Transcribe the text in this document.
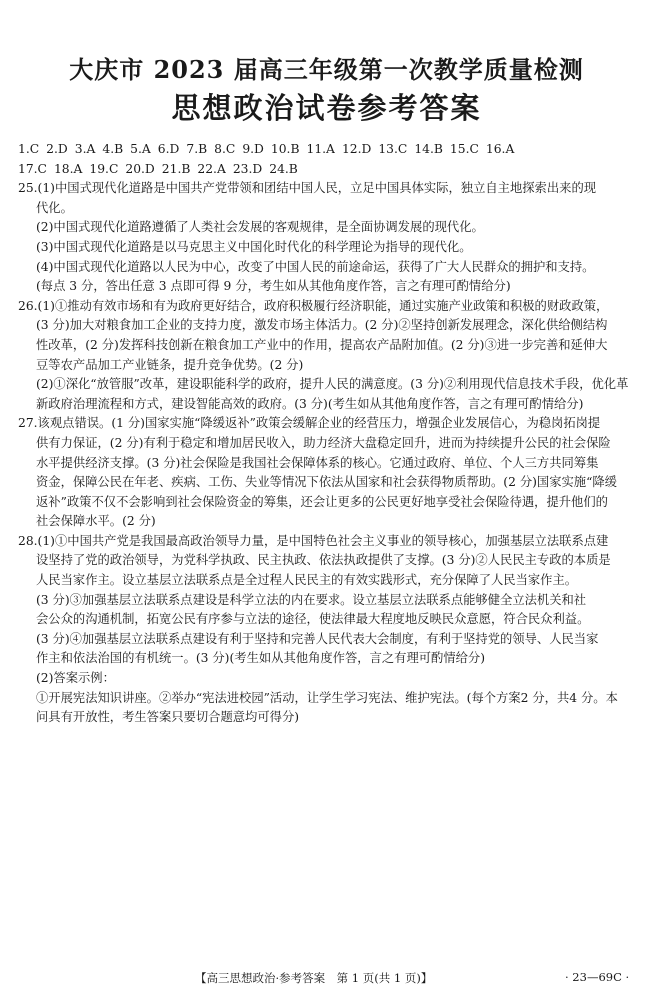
大庆市 2023 届高三年级第一次教学质量检测
思想政治试卷参考答案
1.C 2.D 3.A 4.B 5.A 6.D 7.B 8.C 9.D 10.B 11.A 12.D 13.C 14.B 15.C 16.A
17.C 18.A 19.C 20.D 21.B 22.A 23.D 24.B
25.(1)中国式现代化道路是中国共产党带领和团结中国人民，立足中国具体实际，独立自主地探索出来的现
代化。
(2)中国式现代化道路遵循了人类社会发展的客观规律，是全面协调发展的现代化。
(3)中国式现代化道路是以马克思主义中国化时代化的科学理论为指导的现代化。
(4)中国式现代化道路以人民为中心，改变了中国人民的前途命运，获得了广大人民群众的拥护和支持。
(每点 3 分，答出任意 3 点即可得 9 分，考生如从其他角度作答，言之有理可酌情给分)
26.(1)①推动有效市场和有为政府更好结合，政府积极履行经济职能，通过实施产业政策和积极的财政政策，
(3 分)加大对粮食加工企业的支持力度，激发市场主体活力。(2 分)②坚持创新发展理念，深化供给侧结构
性改革，(2 分)发挥科技创新在粮食加工产业中的作用，提高农产品附加值。(2 分)③进一步完善和延伸大
豆等农产品加工产业链条，提升竞争优势。(2 分)
(2)①深化“放管服”改革，建设职能科学的政府，提升人民的满意度。(3 分)②利用现代信息技术手段，优化革
新政府治理流程和方式，建设智能高效的政府。(3 分)(考生如从其他角度作答，言之有理可酌情给分)
27.该观点错误。(1 分)国家实施“降缓返补”政策会缓解企业的经营压力，增强企业发展信心，为稳岗拓岗提
供有力保证，(2 分)有利于稳定和增加居民收入，助力经济大盘稳定回升，进而为持续提升公民的社会保险
水平提供经济支撑。(3 分)社会保险是我国社会保障体系的核心。它通过政府、单位、个人三方共同筹集
资金，保障公民在年老、疾病、工伤、失业等情况下依法从国家和社会获得物质帮助。(2 分)国家实施“降缓
返补”政策不仅不会影响到社会保险资金的筹集，还会让更多的公民更好地享受社会保险待遇，提升他们的
社会保障水平。(2 分)
28.(1)①中国共产党是我国最高政治领导力量，是中国特色社会主义事业的领导核心，加强基层立法联系点建
设坚持了党的政治领导，为党科学执政、民主执政、依法执政提供了支撑。(3 分)②人民民主专政的本质是
人民当家作主。设立基层立法联系点是全过程人民民主的有效实践形式，充分保障了人民当家作主。
(3 分)③加强基层立法联系点建设是科学立法的内在要求。设立基层立法联系点能够健全立法机关和社
会公众的沟通机制，拓宽公民有序参与立法的途径，使法律最大程度地反映民众意愿，符合民众利益。
(3 分)④加强基层立法联系点建设有利于坚持和完善人民代表大会制度，有利于坚持党的领导、人民当家
作主和依法治国的有机统一。(3 分)(考生如从其他角度作答，言之有理可酌情给分)
(2)答案示例：
①开展宪法知识讲座。②举办“宪法进校园”活动，让学生学习宪法、维护宪法。(每个方案2 分，共4 分。本
问具有开放性，考生答案只要切合题意均可得分)
【高三思想政治·参考答案　第 1 页(共 1 页)】	· 23—69C ·
